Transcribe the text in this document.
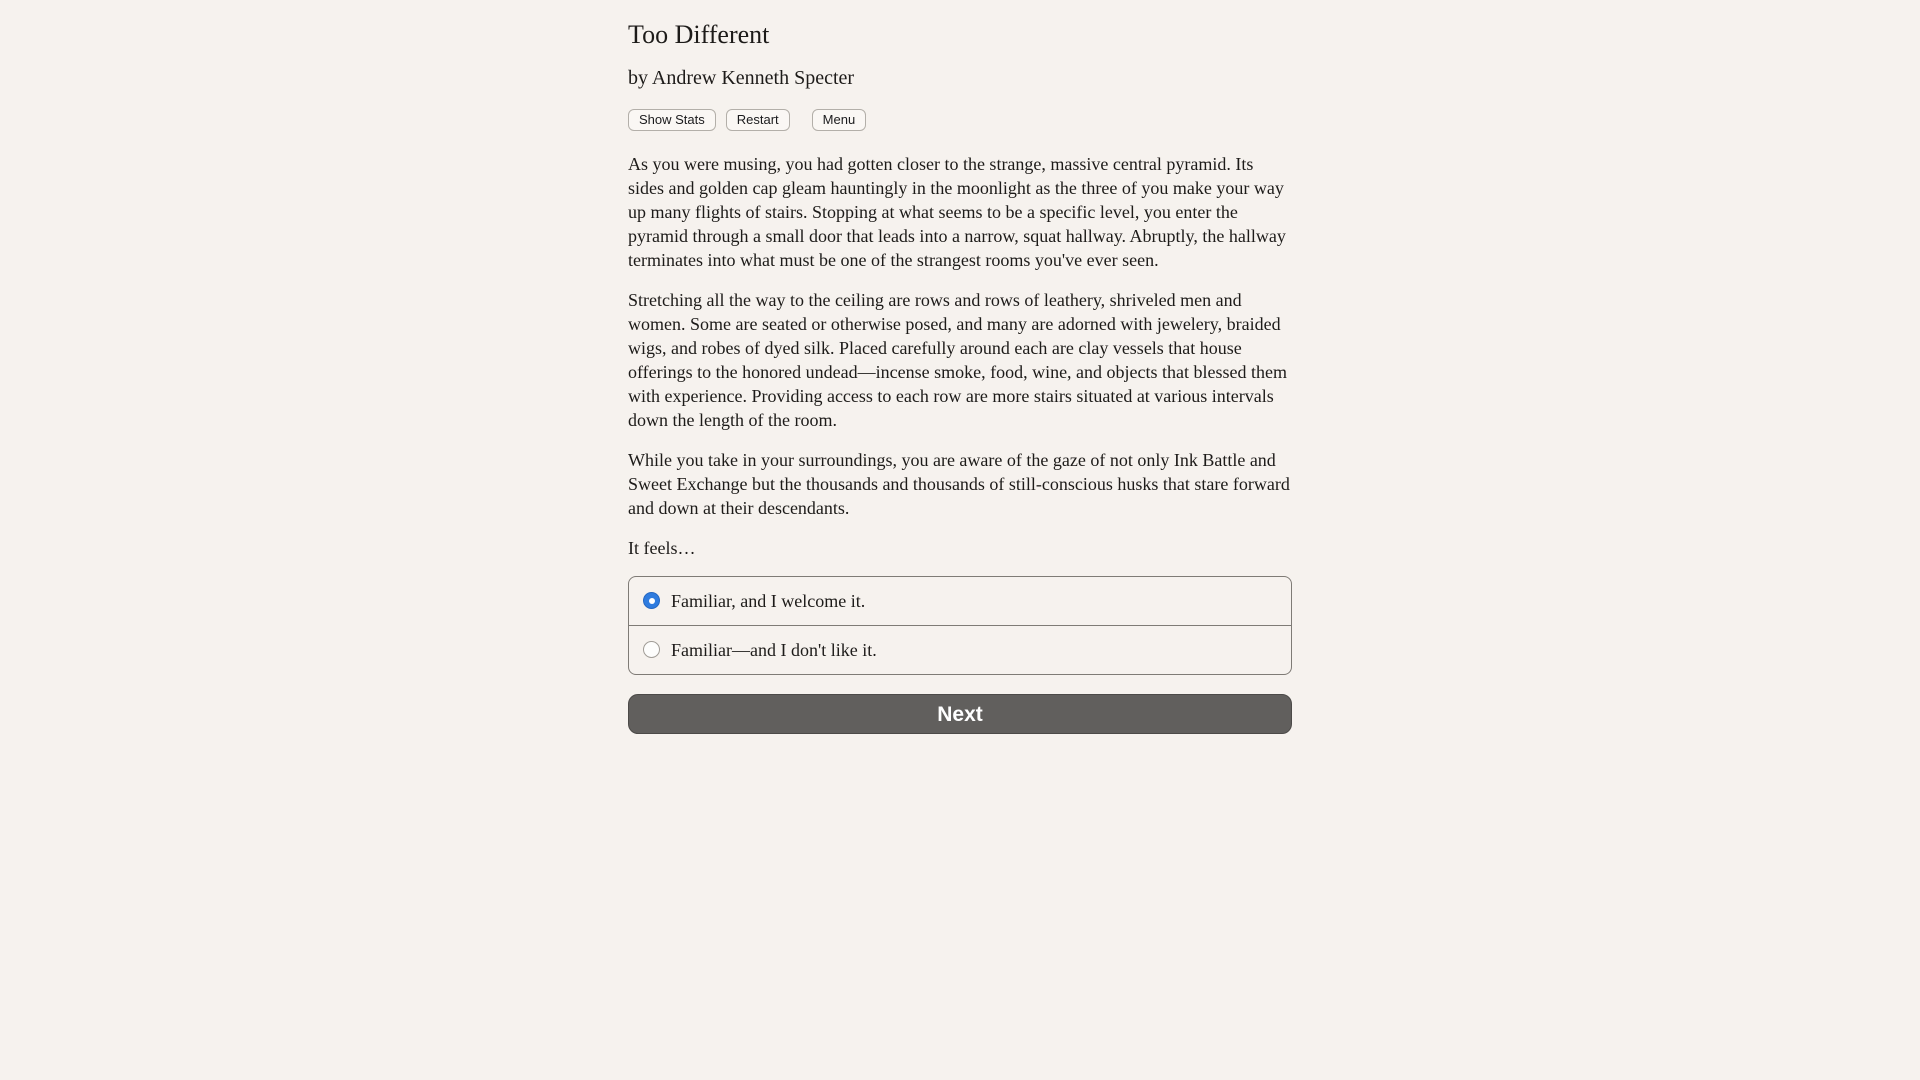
Too Different

by Andrew Kenneth Specter

Show Stats	Restart	Menu

As you were musing, you had gotten closer to the strange, massive central pyramid. Its sides and golden cap gleam hauntingly in the moonlight as the three of you make your way up many flights of stairs. Stopping at what seems to be a specific level, you enter the pyramid through a small door that leads into a narrow, squat hallway. Abruptly, the hallway terminates into what must be one of the strangest rooms you've ever seen.

Stretching all the way to the ceiling are rows and rows of leathery, shriveled men and women. Some are seated or otherwise posed, and many are adorned with jewelery, braided wigs, and robes of dyed silk. Placed carefully around each are clay vessels that house offerings to the honored undead—incense smoke, food, wine, and objects that blessed them with experience. Providing access to each row are more stairs situated at various intervals down the length of the room.

While you take in your surroundings, you are aware of the gaze of not only Ink Battle and Sweet Exchange but the thousands and thousands of still-conscious husks that stare forward and down at their descendants.

It feels…

Familiar, and I welcome it.
Familiar—and I don't like it.
Next
